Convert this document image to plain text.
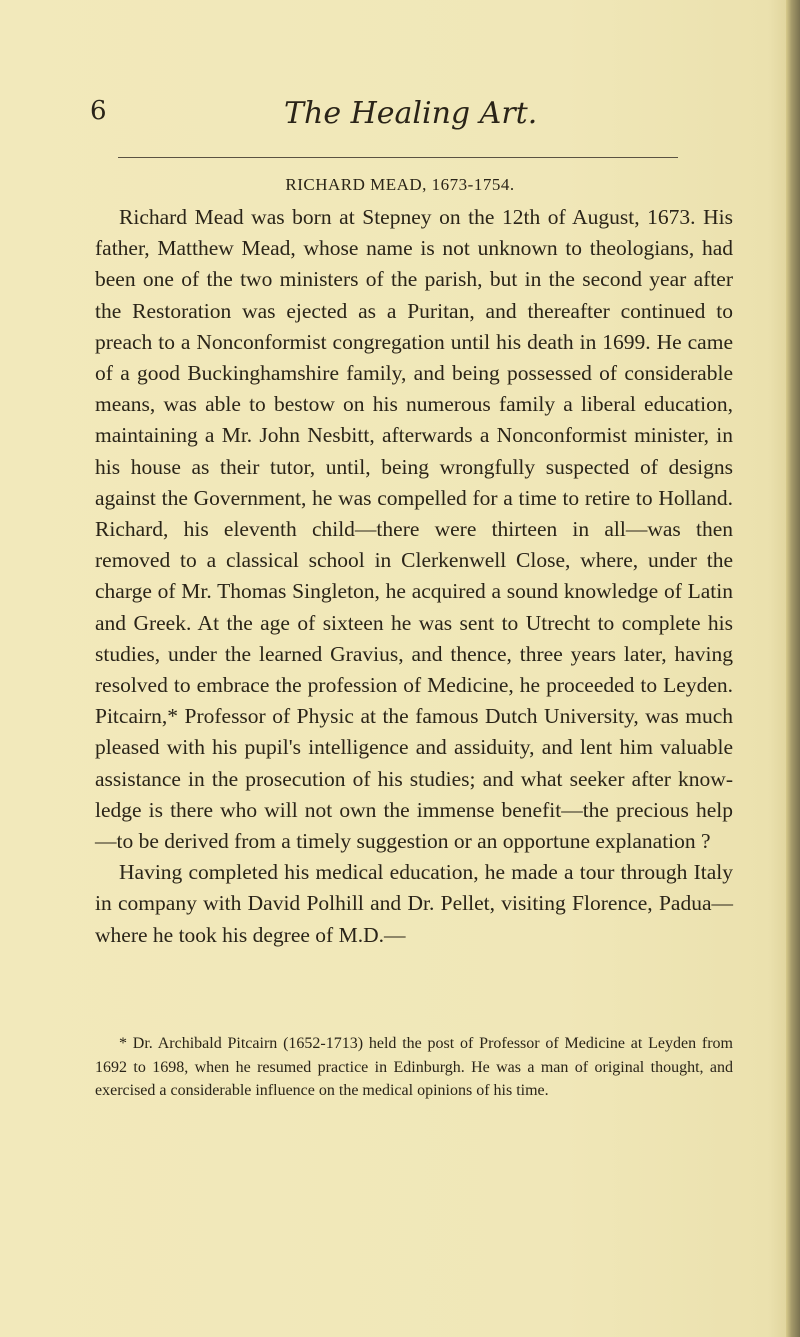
6	The Healing Art.
RICHARD MEAD, 1673-1754.

Richard Mead was born at Stepney on the 12th of August, 1673. His father, Matthew Mead, whose name is not unknown to theologians, had been one of the two ministers of the parish, but in the second year after the Restoration was ejected as a Puritan, and thereafter continued to preach to a Nonconformist congregation until his death in 1699. He came of a good Buckinghamshire family, and being possessed of considerable means, was able to bestow on his numerous family a liberal education, maintaining a Mr. John Nesbitt, afterwards a Nonconformist minister, in his house as their tutor, until, being wrongfully suspected of designs against the Government, he was compelled for a time to retire to Holland. Richard, his eleventh child—there were thirteen in all—was then removed to a classical school in Clerkenwell Close, where, under the charge of Mr. Thomas Singleton, he acquired a sound knowledge of Latin and Greek. At the age of sixteen he was sent to Utrecht to complete his studies, under the learned Gravius, and thence, three years later, having resolved to embrace the profession of Medicine, he proceeded to Leyden. Pitcairn,* Professor of Physic at the famous Dutch University, was much pleased with his pupil's intelligence and assiduity, and lent him valuable assistance in the prosecution of his studies; and what seeker after knowledge is there who will not own the immense benefit—the precious help—to be derived from a timely suggestion or an opportune explanation ?

Having completed his medical education, he made a tour through Italy in company with David Polhill and Dr. Pellet, visiting Florence, Padua—where he took his degree of M.D.—

* Dr. Archibald Pitcairn (1652-1713) held the post of Professor of Medicine at Leyden from 1692 to 1698, when he resumed practice in Edinburgh. He was a man of original thought, and exercised a considerable influence on the medical opinions of his time.
